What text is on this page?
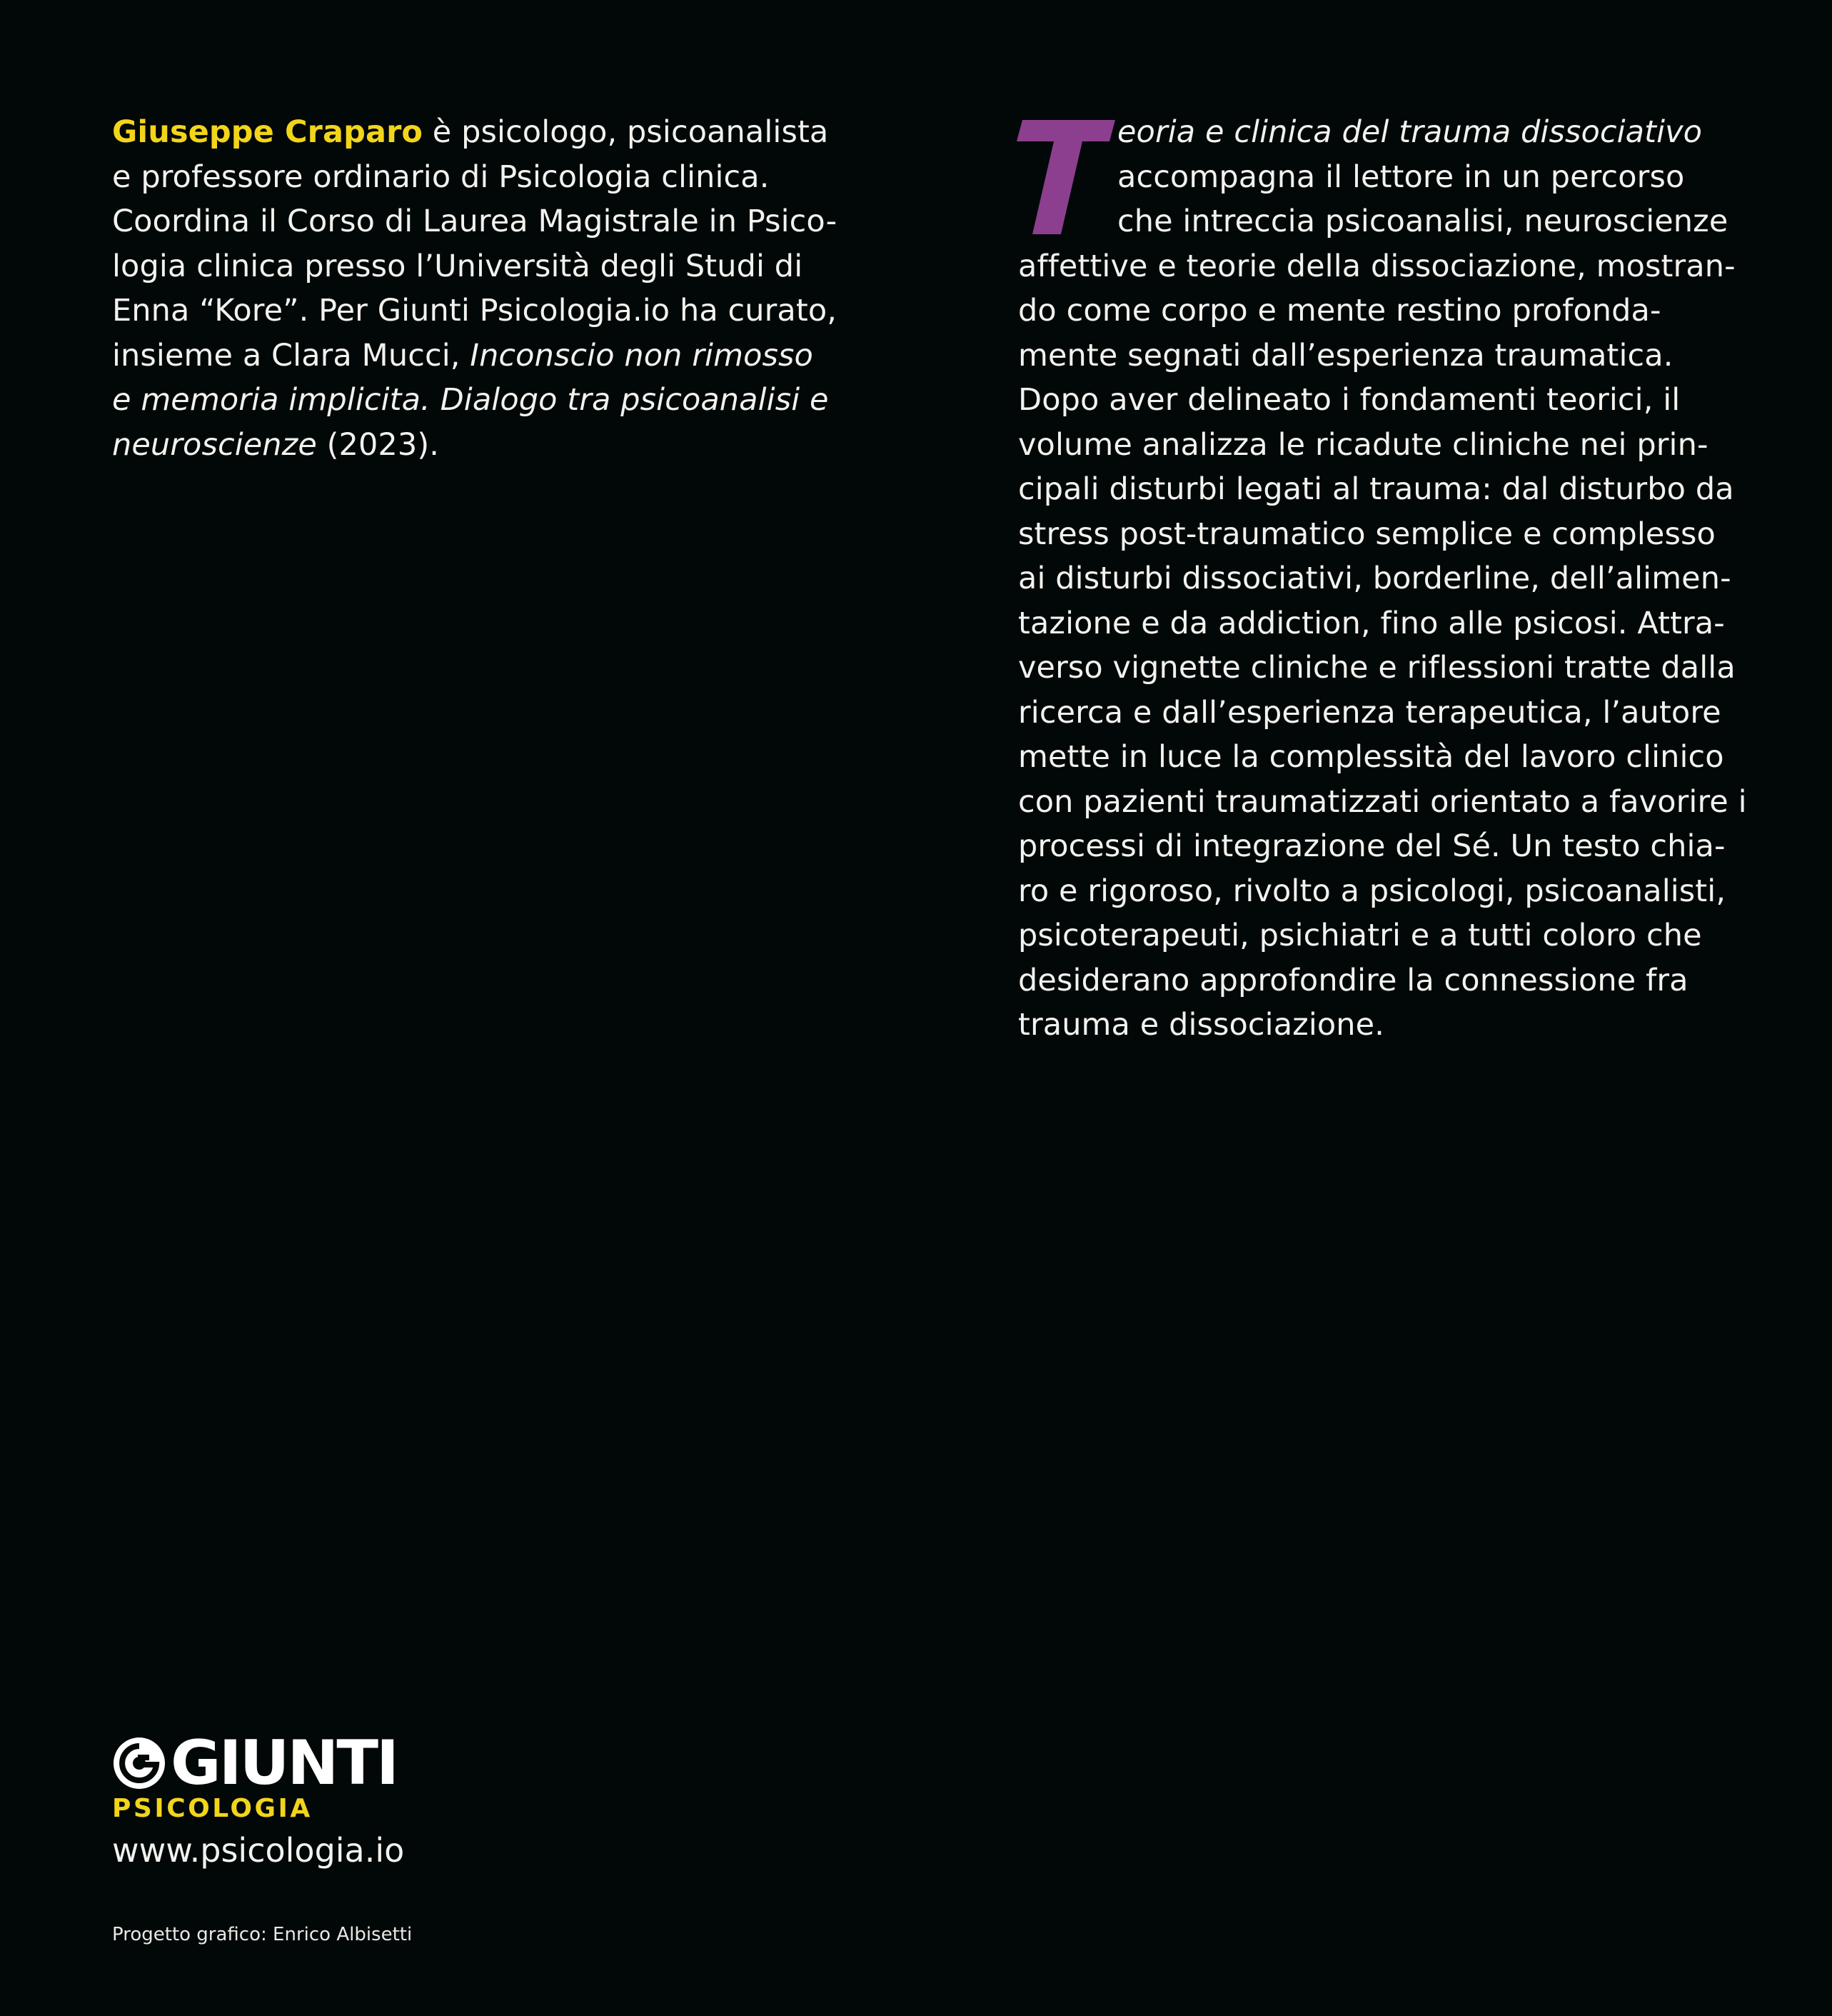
Giuseppe Craparo è psicologo, psicoanalista
e professore ordinario di Psicologia clinica.
Coordina il Corso di Laurea Magistrale in Psico-
logia clinica presso l’Università degli Studi di
Enna “Kore”. Per Giunti Psicologia.io ha curato,
insieme a Clara Mucci, Inconscio non rimosso
e memoria implicita. Dialogo tra psicoanalisi e
neuroscienze (2023).
eoria e clinica del trauma dissociativo
accompagna il lettore in un percorso
che intreccia psicoanalisi, neuroscienze
affettive e teorie della dissociazione, mostran-
do come corpo e mente restino profonda-
mente segnati dall’esperienza traumatica.
Dopo aver delineato i fondamenti teorici, il
volume analizza le ricadute cliniche nei prin-
cipali disturbi legati al trauma: dal disturbo da
stress post-traumatico semplice e complesso
ai disturbi dissociativi, borderline, dell’alimen-
tazione e da addiction, fino alle psicosi. Attra-
verso vignette cliniche e riflessioni tratte dalla
ricerca e dall’esperienza terapeutica, l’autore
mette in luce la complessità del lavoro clinico
con pazienti traumatizzati orientato a favorire i
processi di integrazione del Sé. Un testo chia-
ro e rigoroso, rivolto a psicologi, psicoanalisti,
psicoterapeuti, psichiatri e a tutti coloro che
desiderano approfondire la connessione fra
trauma e dissociazione.
GIUNTI
PSICOLOGIA
www.psicologia.io
Progetto grafico: Enrico Albisetti
